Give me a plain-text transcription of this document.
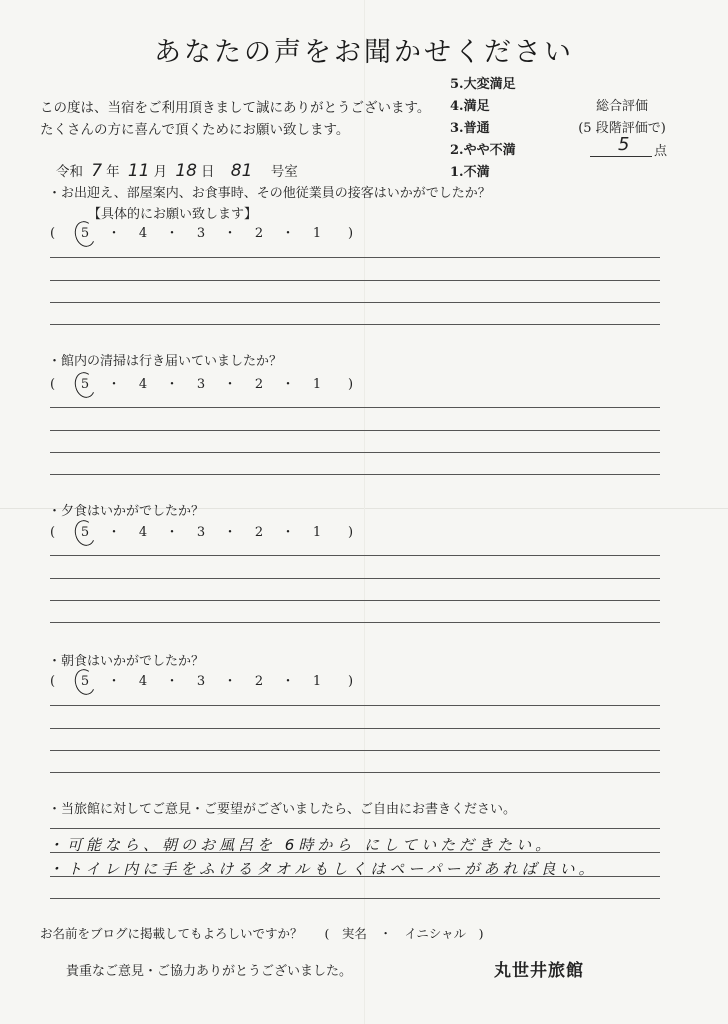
あなたの声をお聞かせください
この度は、当宿をご利用頂きまして誠にありがとうございます。
たくさんの方に喜んで頂くためにお願い致します。
5.大変満足
4.満足
3.普通
2.やや不満
1.不満
総合評価
(5 段階評価で)
5 点
令和 7 年 11 月 18 日 81 号室
・お出迎え、部屋案内、お食事時、その他従業員の接客はいかがでしたか？
【具体的にお願い致します】
( 5 ・ 4 ・ 3 ・ 2 ・ 1 )
・館内の清掃は行き届いていましたか？
( 5 ・ 4 ・ 3 ・ 2 ・ 1 )
・夕食はいかがでしたか？
( 5 ・ 4 ・ 3 ・ 2 ・ 1 )
・朝食はいかがでしたか？
( 5 ・ 4 ・ 3 ・ 2 ・ 1 )
・当旅館に対してご意見・ご要望がございましたら、ご自由にお書きください。
・可能なら、朝のお風呂を 6時から にしていただきたい。
・トイレ内に手をふけるタオルもしくはペーパーがあれば良い。
お名前をブログに掲載してもよろしいですか？ (　実名　・　イニシャル　)
貴重なご意見・ご協力ありがとうございました。	丸世井旅館
